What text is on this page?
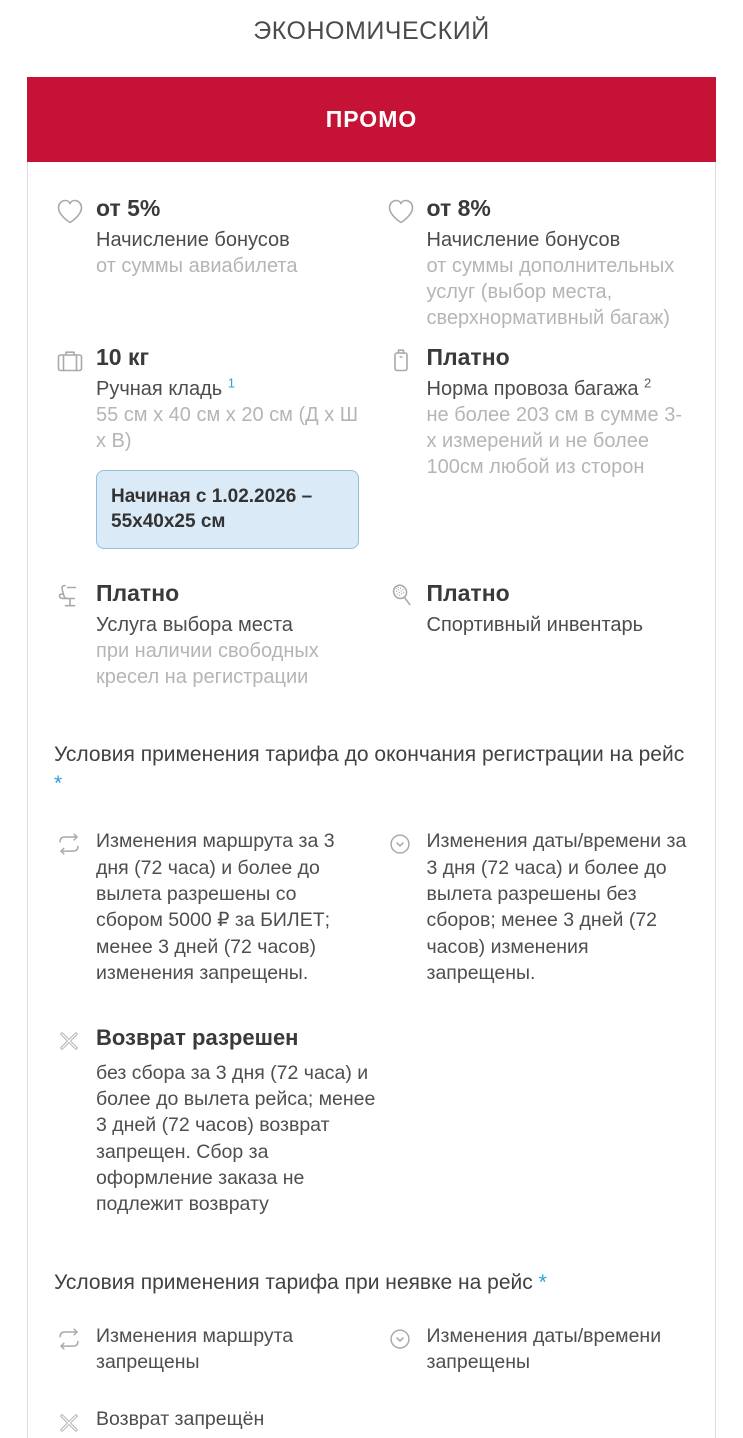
ЭКОНОМИЧЕСКИЙ
ПРОМО
от 5%
Начисление бонусов
от суммы авиабилета
от 8%
Начисление бонусов
от суммы дополнительных услуг (выбор места, сверхнормативный багаж)
10 кг
Ручная кладь $^1$
55 см х 40 см х 20 см (Д х Ш х В)
Начиная с 1.02.2026 – 55х40х25 см
Платно
Норма провоза багажа $^2$
не более 203 см в сумме 3-х измерений и не более 100см любой из сторон
Платно
Услуга выбора места
при наличии свободных кресел на регистрации
Платно
Спортивный инвентарь
Условия применения тарифа до окончания регистрации на рейс *
Изменения маршрута за 3 дня (72 часа) и более до вылета разрешены со сбором 5000 ₽ за БИЛЕТ; менее 3 дней (72 часов) изменения запрещены.
Изменения даты/времени за 3 дня (72 часа) и более до вылета разрешены без сборов; менее 3 дней (72 часов) изменения запрещены.
Возврат разрешен
без сбора за 3 дня (72 часа) и более до вылета рейса; менее 3 дней (72 часов) возврат запрещен. Сбор за оформление заказа не подлежит возврату
Условия применения тарифа при неявке на рейс *
Изменения маршрута запрещены
Изменения даты/времени запрещены
Возврат запрещён
